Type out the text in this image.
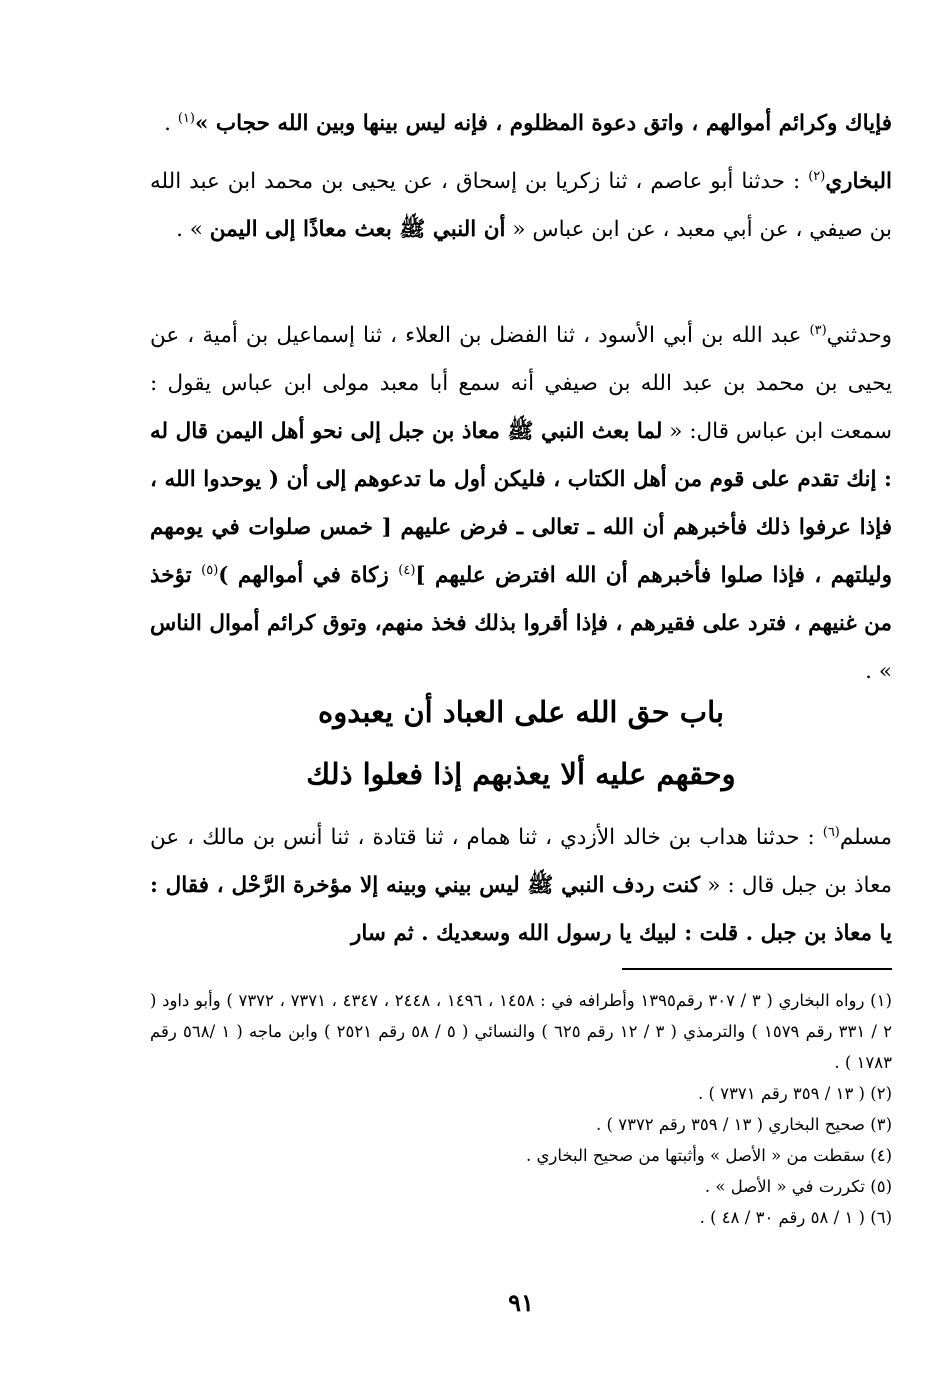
فإياك وكرائم أموالهم ، واتق دعوة المظلوم ، فإنه ليس بينها وبين الله حجاب »$^{(١)}$ .

البخاري$^{(٢)}$ : حدثنا أبو عاصم ، ثنا زكريا بن إسحاق ، عن يحيى بن محمد ابن عبد الله بن صيفي ، عن أبي معبد ، عن ابن عباس « أن النبي ﷺ بعث معاذًا إلى اليمن » .

وحدثني$^{(٣)}$ عبد الله بن أبي الأسود ، ثنا الفضل بن العلاء ، ثنا إسماعيل بن أمية ، عن يحيى بن محمد بن عبد الله بن صيفي أنه سمع أبا معبد مولى ابن عباس يقول : سمعت ابن عباس قال: « لما بعث النبي ﷺ معاذ بن جبل إلى نحو أهل اليمن قال له : إنك تقدم على قوم من أهل الكتاب ، فليكن أول ما تدعوهم إلى أن ( يوحدوا الله ، فإذا عرفوا ذلك فأخبرهم أن الله ـ تعالى ـ فرض عليهم [ خمس صلوات في يومهم وليلتهم ، فإذا صلوا فأخبرهم أن الله افترض عليهم ]$^{(٤)}$ زكاة في أموالهم )$^{(٥)}$ تؤخذ من غنيهم ، فترد على فقيرهم ، فإذا أقروا بذلك فخذ منهم، وتوق كرائم أموال الناس » .

باب حق الله على العباد أن يعبدوه
وحقهم عليه ألا يعذبهم إذا فعلوا ذلك

مسلم$^{(٦)}$ : حدثنا هداب بن خالد الأزدي ، ثنا همام ، ثنا قتادة ، ثنا أنس بن مالك ، عن معاذ بن جبل قال : « كنت ردف النبي ﷺ ليس بيني وبينه إلا مؤخرة الرَّحْل ، فقال : يا معاذ بن جبل . قلت : لبيك يا رسول الله وسعديك . ثم سار

(١) رواه البخاري ( ٣ / ٣٠٧ رقم١٣٩٥ وأطرافه في : ١٤٥٨ ، ١٤٩٦ ، ٢٤٤٨ ، ٤٣٤٧ ، ٧٣٧١ ، ٧٣٧٢ ) وأبو داود ( ٢ / ٣٣١ رقم ١٥٧٩ ) والترمذي ( ٣ / ١٢ رقم ٦٢٥ ) والنسائي ( ٥ / ٥٨ رقم ٢٥٢١ ) وابن ماجه ( ١ /٥٦٨ رقم ١٧٨٣ ) .

(٢) ( ١٣ / ٣٥٩ رقم ٧٣٧١ ) .

(٣) صحيح البخاري ( ١٣ / ٣٥٩ رقم ٧٣٧٢ ) .

(٤) سقطت من « الأصل » وأثبتها من صحيح البخاري .

(٥) تكررت في « الأصل » .

(٦) ( ١ / ٥٨ رقم ٣٠ / ٤٨ ) .

٩١
